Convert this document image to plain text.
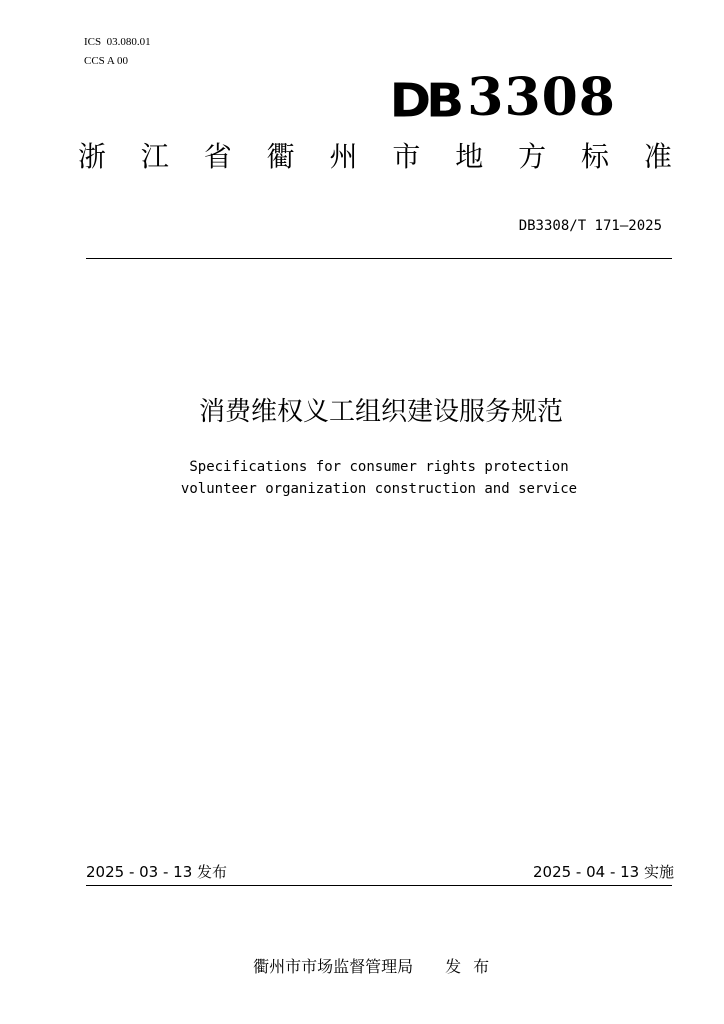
ICS  03.080.01
CCS A 00
DB 3308
浙 江 省 衢 州 市 地 方 标 准
DB3308/T 171—2025
消费维权义工组织建设服务规范
Specifications for consumer rights protection
volunteer organization construction and service
2025 - 03 - 13 发布	2025 - 04 - 13 实施

衢州市市场监督管理局 发布
